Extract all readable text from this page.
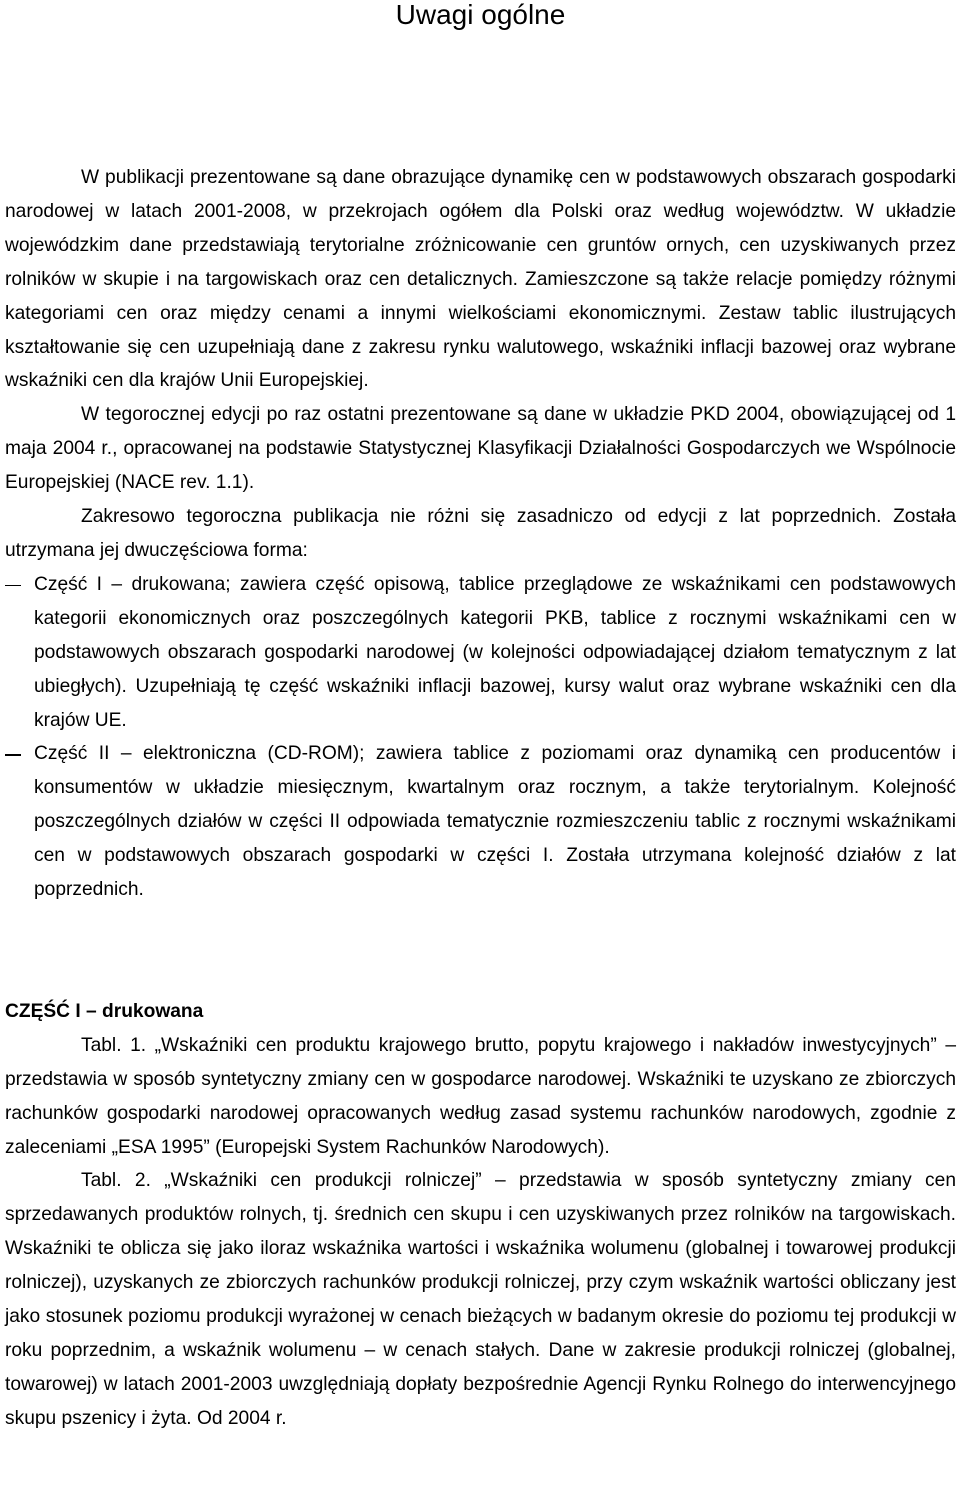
Uwagi ogólne

W publikacji prezentowane są dane obrazujące dynamikę cen w podstawowych obszarach gospodarki narodowej w latach 2001-2008, w przekrojach ogółem dla Polski oraz według województw. W układzie wojewódzkim dane przedstawiają terytorialne zróżnicowanie cen gruntów ornych, cen uzyskiwanych przez rolników w skupie i na targowiskach oraz cen detalicznych. Zamieszczone są także relacje pomiędzy różnymi kategoriami cen oraz między cenami a innymi wielkościami ekonomicznymi. Zestaw tablic ilustrujących kształtowanie się cen uzupełniają dane z zakresu rynku walutowego, wskaźniki inflacji bazowej oraz wybrane wskaźniki cen dla krajów Unii Europejskiej.

W tegorocznej edycji po raz ostatni prezentowane są dane w układzie PKD 2004, obowiązującej od 1 maja 2004 r., opracowanej na podstawie Statystycznej Klasyfikacji Działalności Gospodarczych we Wspólnocie Europejskiej (NACE rev. 1.1).

Zakresowo tegoroczna publikacja nie różni się zasadniczo od edycji z lat poprzednich. Została utrzymana jej dwuczęściowa forma:

Część I – drukowana; zawiera część opisową, tablice przeglądowe ze wskaźnikami cen podstawowych kategorii ekonomicznych oraz poszczególnych kategorii PKB, tablice z rocznymi wskaźnikami cen w podstawowych obszarach gospodarki narodowej (w kolejności odpowiadającej działom tematycznym z lat ubiegłych). Uzupełniają tę część wskaźniki inflacji bazowej, kursy walut oraz wybrane wskaźniki cen dla krajów UE.

Część II – elektroniczna (CD-ROM); zawiera tablice z poziomami oraz dynamiką cen producentów i konsumentów w układzie miesięcznym, kwartalnym oraz rocznym, a także terytorialnym. Kolejność poszczególnych działów w części II odpowiada tematycznie rozmieszczeniu tablic z rocznymi wskaźnikami cen w podstawowych obszarach gospodarki w części I. Została utrzymana kolejność działów z lat poprzednich.

CZĘŚĆ I – drukowana

Tabl. 1. „Wskaźniki cen produktu krajowego brutto, popytu krajowego i nakładów inwestycyjnych” – przedstawia w sposób syntetyczny zmiany cen w gospodarce narodowej. Wskaźniki te uzyskano ze zbiorczych rachunków gospodarki narodowej opracowanych według zasad systemu rachunków narodowych, zgodnie z zaleceniami „ESA 1995” (Europejski System Rachunków Narodowych).

Tabl. 2. „Wskaźniki cen produkcji rolniczej” – przedstawia w sposób syntetyczny zmiany cen sprzedawanych produktów rolnych, tj. średnich cen skupu i cen uzyskiwanych przez rolników na targowiskach. Wskaźniki te oblicza się jako iloraz wskaźnika wartości i wskaźnika wolumenu (globalnej i towarowej produkcji rolniczej), uzyskanych ze zbiorczych rachunków produkcji rolniczej, przy czym wskaźnik wartości obliczany jest jako stosunek poziomu produkcji wyrażonej w cenach bieżących w badanym okresie do poziomu tej produkcji w roku poprzednim, a wskaźnik wolumenu – w cenach stałych. Dane w zakresie produkcji rolniczej (globalnej, towarowej) w latach 2001-2003 uwzględniają dopłaty bezpośrednie Agencji Rynku Rolnego do interwencyjnego skupu pszenicy i żyta. Od 2004 r.
